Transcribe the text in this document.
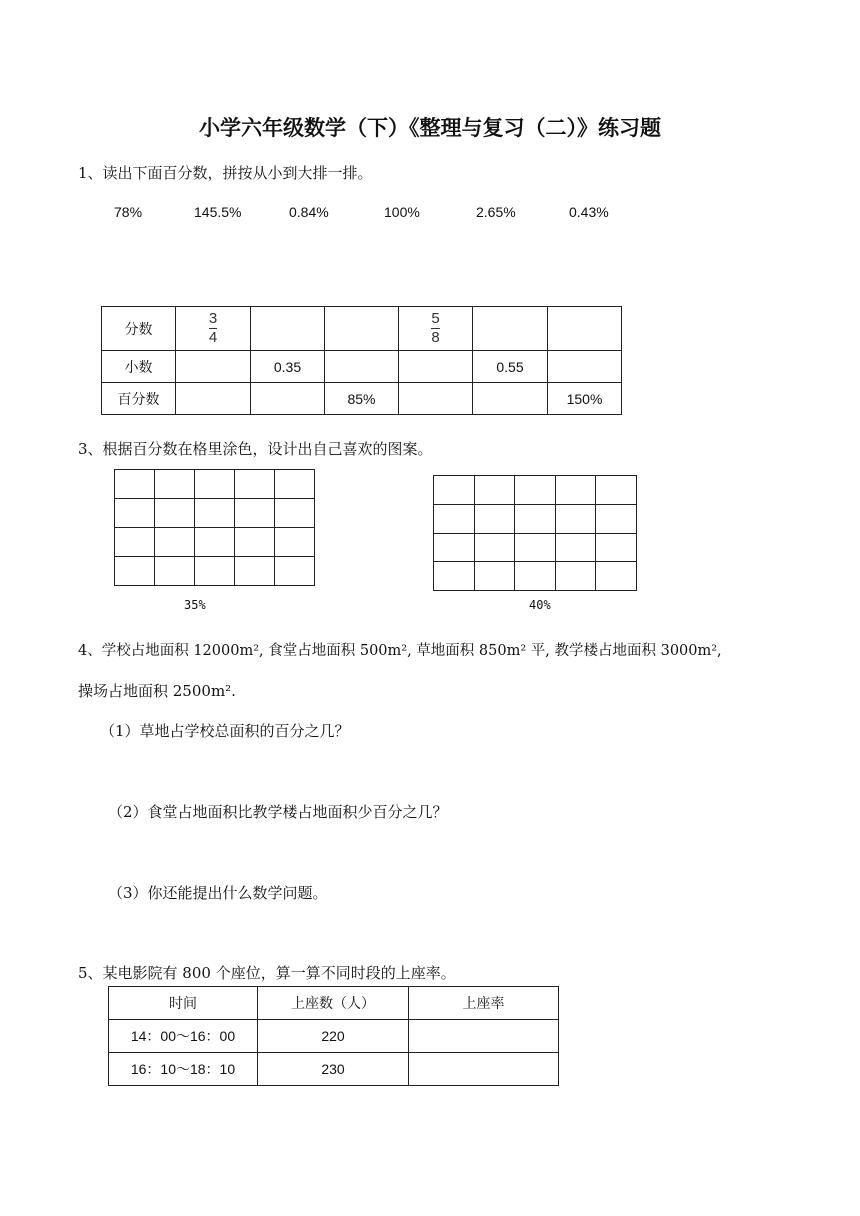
小学六年级数学（下）《整理与复习（二）》练习题
1、读出下面百分数，拼按从小到大排一排。
78%	145.5%	0.84%	100%	2.65%	0.43%
分数	$\frac{3}{4}$			$\frac{5}{8}$		
小数		0.35			0.55	
百分数			85%			150%
3、根据百分数在格里涂色，设计出自己喜欢的图案。
35%	40%
4、学校占地面积 12000m², 食堂占地面积 500m², 草地面积 850m² 平, 教学楼占地面积 3000m²,
操场占地面积 2500m².
（1）草地占学校总面积的百分之几？
（2）食堂占地面积比教学楼占地面积少百分之几？
（3）你还能提出什么数学问题。
5、某电影院有 800 个座位，算一算不同时段的上座率。
时间	上座数（人）	上座率
14：00～16：00	220	
16：10～18：10	230	
